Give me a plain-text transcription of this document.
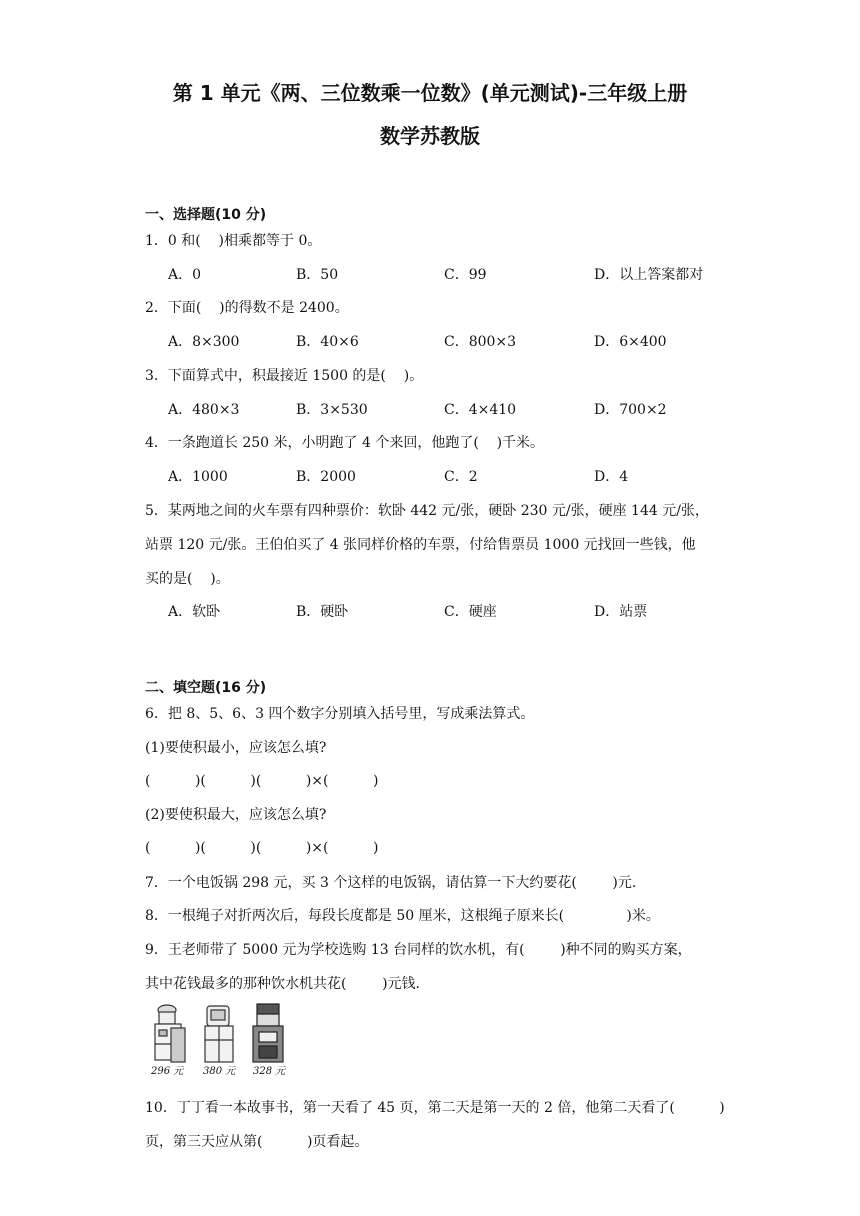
第 1 单元《两、三位数乘一位数》(单元测试)-三年级上册
数学苏教版
一、选择题(10 分)
1．0 和(    )相乘都等于 0。
A．0	B．50	C．99	D．以上答案都对
2．下面(    )的得数不是 2400。
A．8×300	B．40×6	C．800×3	D．6×400
3．下面算式中，积最接近 1500 的是(    )。
A．480×3	B．3×530	C．4×410	D．700×2
4．一条跑道长 250 米，小明跑了 4 个来回，他跑了(    )千米。
A．1000	B．2000	C．2	D．4
5．某两地之间的火车票有四种票价：软卧 442 元/张，硬卧 230 元/张，硬座 144 元/张，
站票 120 元/张。王伯伯买了 4 张同样价格的车票，付给售票员 1000 元找回一些钱，他
买的是(    )。
A．软卧	B．硬卧	C．硬座	D．站票
二、填空题(16 分)
6．把 8、5、6、3 四个数字分别填入括号里，写成乘法算式。
(1)要使积最小，应该怎么填?
(          )(          )(          )×(          )
(2)要使积最大，应该怎么填?
(          )(          )(          )×(          )
7．一个电饭锅 298 元，买 3 个这样的电饭锅，请估算一下大约要花(        )元．
8．一根绳子对折两次后，每段长度都是 50 厘米，这根绳子原来长(              )米。
9．王老师带了 5000 元为学校选购 13 台同样的饮水机，有(        )种不同的购买方案，
其中花钱最多的那种饮水机共花(        )元钱．
296 元 380 元 328 元
10．丁丁看一本故事书，第一天看了 45 页，第二天是第一天的 2 倍，他第二天看了(          )
页，第三天应从第(          )页看起。
